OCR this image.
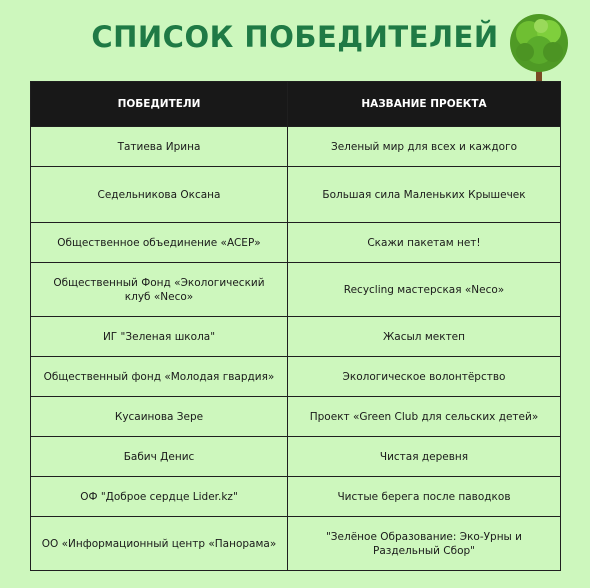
СПИСОК ПОБЕДИТЕЛЕЙ
ПОБЕДИТЕЛИ	НАЗВАНИЕ ПРОЕКТА
Татиева Ирина	Зеленый мир для всех и каждого
Седельникова Оксана	Большая сила Маленьких Крышечек
Общественное объединение «ACEP»	Скажи пакетам нет!
Общественный Фонд «Экологический клуб «Neco»	Recycling мастерская «Neco»
ИГ "Зеленая школа"	Жасыл мектеп
Общественный фонд «Молодая гвардия»	Экологическое волонтёрство
Кусаинова Зере	Проект «Green Club для сельских детей»
Бабич Денис	Чистая деревня
ОФ "Доброе сердце Lider.kz"	Чистые берега после паводков
ОО «Информационный центр «Панорама»	"Зелёное Образование: Эко-Урны и Раздельный Сбор"
